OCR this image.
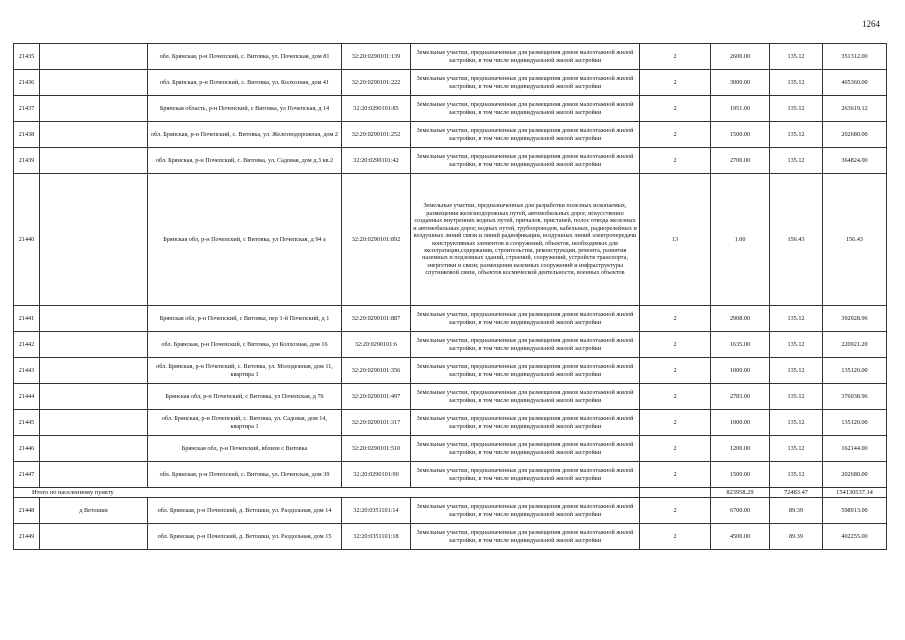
1264
21435		обл. Брянская, р-н Почепский, с. Витовка, ул. Почепская, дом 81	32:20:0290101:139	Земельные участки, предназначенные для размещения домов малоэтажной жилой застройки, в том числе индивидуальной жилой застройки	2	2600.00	135.12	351312.00
21436		обл. Брянская, р-н Почепский, с. Витовка, ул. Колхозная, дом 41	32:20:0290101:222	Земельные участки, предназначенные для размещения домов малоэтажной жилой застройки, в том числе индивидуальной жилой застройки	2	3000.00	135.12	405360.00
21437		Брянская область, р-н Почепский, с Витовка, ул Почепская, д 14	32:20:0290101:85	Земельные участки, предназначенные для размещения домов малоэтажной жилой застройки, в том числе индивидуальной жилой застройки	2	1951.00	135.12	263619.12
21438		обл. Брянская, р-н Почепский, с. Витовка, ул. Железнодорожная, дом 2	32:20:0290101:252	Земельные участки, предназначенные для размещения домов малоэтажной жилой застройки, в том числе индивидуальной жилой застройки	2	1500.00	135.12	202680.00
21439		обл. Брянская, р-н Почепский, с. Витовка, ул. Садовая, дом д.3 кв.2	32:20:0290101:42	Земельные участки, предназначенные для размещения домов малоэтажной жилой застройки, в том числе индивидуальной жилой застройки	2	2700.00	135.12	364824.00
21440		Брянская обл, р-н Почепский, с Витовка, ул Почепская, д 94 а	32:20:0290101:892	Земельные участки, предназначенные для разработки полезных ископаемых, размещения железнодорожных путей, автомобильных дорог, искусственно созданных внутренних водных путей, причалов, пристаней, полос отвода железных и автомобильных дорог, водных путей, трубопроводов, кабельных, радиорелейных и воздушных линий связи и линий радиофикации, воздушных линий электропередачи конструктивных элементов и сооружений, объектов, необходимых для эксплуатации,содержания, строительства, реконструкции, ремонта, развития наземных и подземных зданий, строений, сооружений, устройств транспорта, энергетики и связи; размещения наземных сооружений и инфраструктуры спутниковой связи, объектов космической деятельности, военных объектов	13	1.00	156.43	156.43
21441		Брянская обл, р-н Почепский, с Витовка, пер 1-й Почепский, д 1	32:20:0290101:887	Земельные участки, предназначенные для размещения домов малоэтажной жилой застройки, в том числе индивидуальной жилой застройки	2	2908.00	135.12	392928.96
21442		обл. Брянская, р-н Почепский, с Витовка, ул Колхозная, дом 16	32:20:0290101:6	Земельные участки, предназначенные для размещения домов малоэтажной жилой застройки, в том числе индивидуальной жилой застройки	2	1635.00	135.12	220921.20
21443		обл. Брянская, р-н Почепский, с. Витовка, ул. Молодежная, дом 11, квартира 1	32:20:0290101:356	Земельные участки, предназначенные для размещения домов малоэтажной жилой застройки, в том числе индивидуальной жилой застройки	2	1000.00	135.12	135120.00
21444		Брянская обл, р-н Почепский, с Витовка, ул Почепская, д 76	32:20:0290101:497	Земельные участки, предназначенные для размещения домов малоэтажной жилой застройки, в том числе индивидуальной жилой застройки	2	2783.00	135.12	376038.96
21445		обл. Брянская, р-н Почепский, с. Витовка, ул. Садовая, дом 14, квартира 1	32:20:0290101:317	Земельные участки, предназначенные для размещения домов малоэтажной жилой застройки, в том числе индивидуальной жилой застройки	2	1000.00	135.12	135120.00
21446		Брянская обл, р-н Почепский, вблизи с Витовка	32:20:0290101:510	Земельные участки, предназначенные для размещения домов малоэтажной жилой застройки, в том числе индивидуальной жилой застройки	2	1200.00	135.12	162144.00
21447		обл. Брянская, р-н Почепский, с. Витовка, ул. Почепская, дом 39	32:20:0290101:90	Земельные участки, предназначенные для размещения домов малоэтажной жилой застройки, в том числе индивидуальной жилой застройки	2	1500.00	135.12	202680.00
Итого по населенному пункту						823958.29	72483.47	154130537.14
21448	д Ветошки	обл. Брянская, р-н Почепский, д. Ветошки, ул. Раздольная, дом 14	32:20:0351101:14	Земельные участки, предназначенные для размещения домов малоэтажной жилой застройки, в том числе индивидуальной жилой застройки	2	6700.00	89.39	598913.00
21449		обл. Брянская, р-н Почепский, д. Ветошки, ул. Раздольная, дом 15	32:20:0351101:18	Земельные участки, предназначенные для размещения домов малоэтажной жилой застройки, в том числе индивидуальной жилой застройки	2	4500.00	89.39	402255.00
